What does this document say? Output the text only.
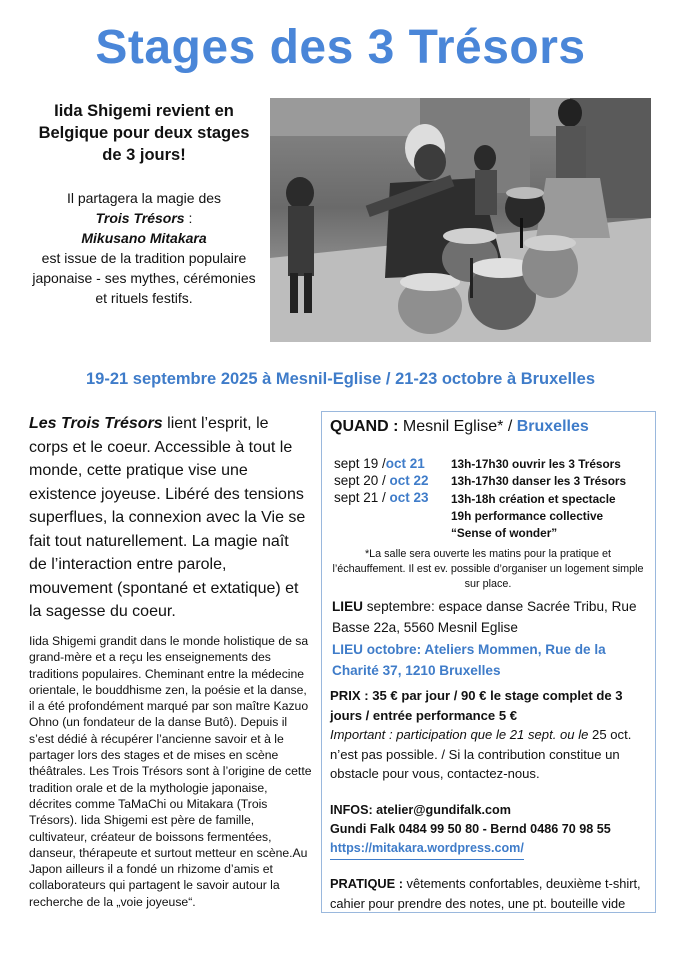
Stages des 3 Trésors
Iida Shigemi revient en Belgique pour deux stages de 3 jours!
Il partagera la magie des
Trois Trésors :
Mikusano Mitakara
est issue de la tradition populaire japonaise - ses mythes, cérémonies et rituels festifs.
19-21 septembre 2025 à Mesnil-Eglise / 21-23 octobre à Bruxelles
Les Trois Trésors lient l’esprit, le corps et le coeur. Accessible à tout le monde, cette pratique vise une existence joyeuse. Libéré des tensions superflues, la connexion avec la Vie se fait tout naturellement. La magie naît de l’interaction entre parole, mouvement (spontané et extatique) et la sagesse du coeur.
Iida Shigemi grandit dans le monde holistique de sa grand-mère et a reçu les enseignements des traditions populaires. Cheminant entre la médecine orientale, le bouddhisme zen, la poésie et la danse, il a été profondément marqué par son maître Kazuo Ohno (un fondateur de la danse Butô). Depuis il s’est dédié à récupérer l’ancienne savoir et à le partager lors des stages et de mises en scène théâtrales. Les Trois Trésors sont à l’origine de cette tradition orale et de la mythologie japonaise, décrites comme TaMaChi ou Mitakara (Trois Trésors). Iida Shigemi est père de famille, cultivateur, créateur de boissons fermentées, danseur, thérapeute et surtout metteur en scène.Au Japon ailleurs il a fondé un rhizome d’amis et collaborateurs qui partagent le savoir autour la recherche de la „voie joyeuse“.
QUAND : Mesnil Eglise* / Bruxelles
sept 19 /oct 21 13h-17h30 ouvrir les 3 Trésors
sept 20 / oct 22 13h-17h30 danser les 3 Trésors
sept 21 / oct 23 13h-18h création et spectacle
19h performance collective
“Sense of wonder”
*La salle sera ouverte les matins pour la pratique et l’échauffement. Il est ev. possible d’organiser un logement simple sur place.
LIEU septembre: espace danse Sacrée Tribu, Rue Basse 22a, 5560 Mesnil Eglise
LIEU octobre: Ateliers Mommen, Rue de la Charité 37, 1210 Bruxelles
PRIX : 35 € par jour / 90 € le stage complet de 3 jours / entrée performance 5 €
Important : participation que le 21 sept. ou le 25 oct. n’est pas possible. / Si la contribution constitue un obstacle pour vous, contactez-nous.
INFOS: atelier@gundifalk.com
Gundi Falk 0484 99 50 80 - Bernd 0486 70 98 55
https://mitakara.wordpress.com/
PRATIQUE : vêtements confortables, deuxième t-shirt, cahier pour prendre des notes, une pt. bouteille vide
